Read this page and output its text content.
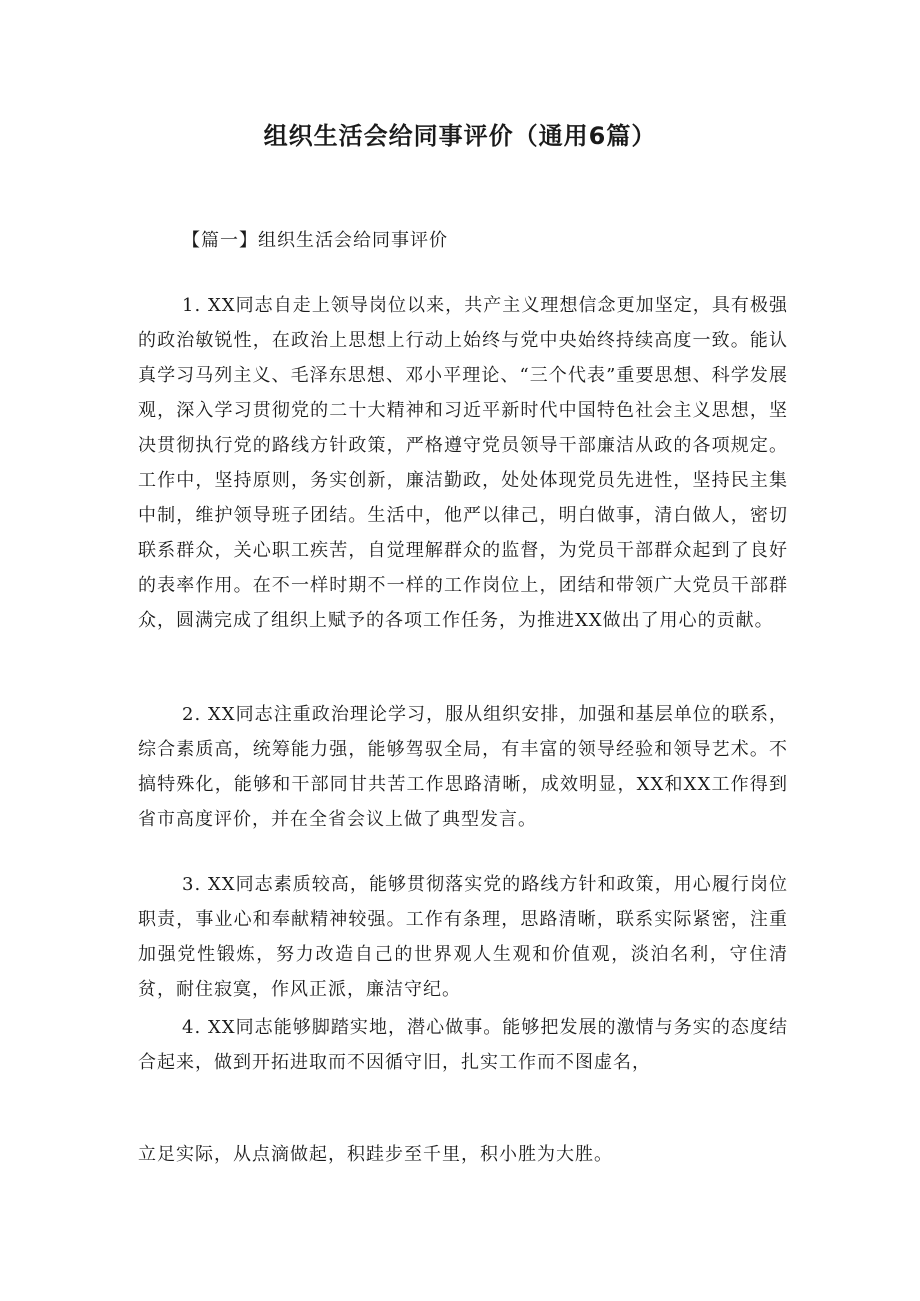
组织生活会给同事评价（通用6篇）

【篇一】组织生活会给同事评价

1. XX同志自走上领导岗位以来，共产主义理想信念更加坚定，具有极强的政治敏锐性，在政治上思想上行动上始终与党中央始终持续高度一致。能认真学习马列主义、毛泽东思想、邓小平理论、“三个代表”重要思想、科学发展观，深入学习贯彻党的二十大精神和习近平新时代中国特色社会主义思想，坚决贯彻执行党的路线方针政策，严格遵守党员领导干部廉洁从政的各项规定。工作中，坚持原则，务实创新，廉洁勤政，处处体现党员先进性，坚持民主集中制，维护领导班子团结。生活中，他严以律己，明白做事，清白做人，密切联系群众，关心职工疾苦，自觉理解群众的监督，为党员干部群众起到了良好的表率作用。在不一样时期不一样的工作岗位上，团结和带领广大党员干部群众，圆满完成了组织上赋予的各项工作任务，为推进XX做出了用心的贡献。

2. XX同志注重政治理论学习，服从组织安排，加强和基层单位的联系，综合素质高，统筹能力强，能够驾驭全局，有丰富的领导经验和领导艺术。不搞特殊化，能够和干部同甘共苦工作思路清晰，成效明显，XX和XX工作得到省市高度评价，并在全省会议上做了典型发言。

3. XX同志素质较高，能够贯彻落实党的路线方针和政策，用心履行岗位职责，事业心和奉献精神较强。工作有条理，思路清晰，联系实际紧密，注重加强党性锻炼，努力改造自己的世界观人生观和价值观，淡泊名利，守住清贫，耐住寂寞，作风正派，廉洁守纪。

4. XX同志能够脚踏实地，潜心做事。能够把发展的激情与务实的态度结合起来，做到开拓进取而不因循守旧，扎实工作而不图虚名，

立足实际，从点滴做起，积跬步至千里，积小胜为大胜。
